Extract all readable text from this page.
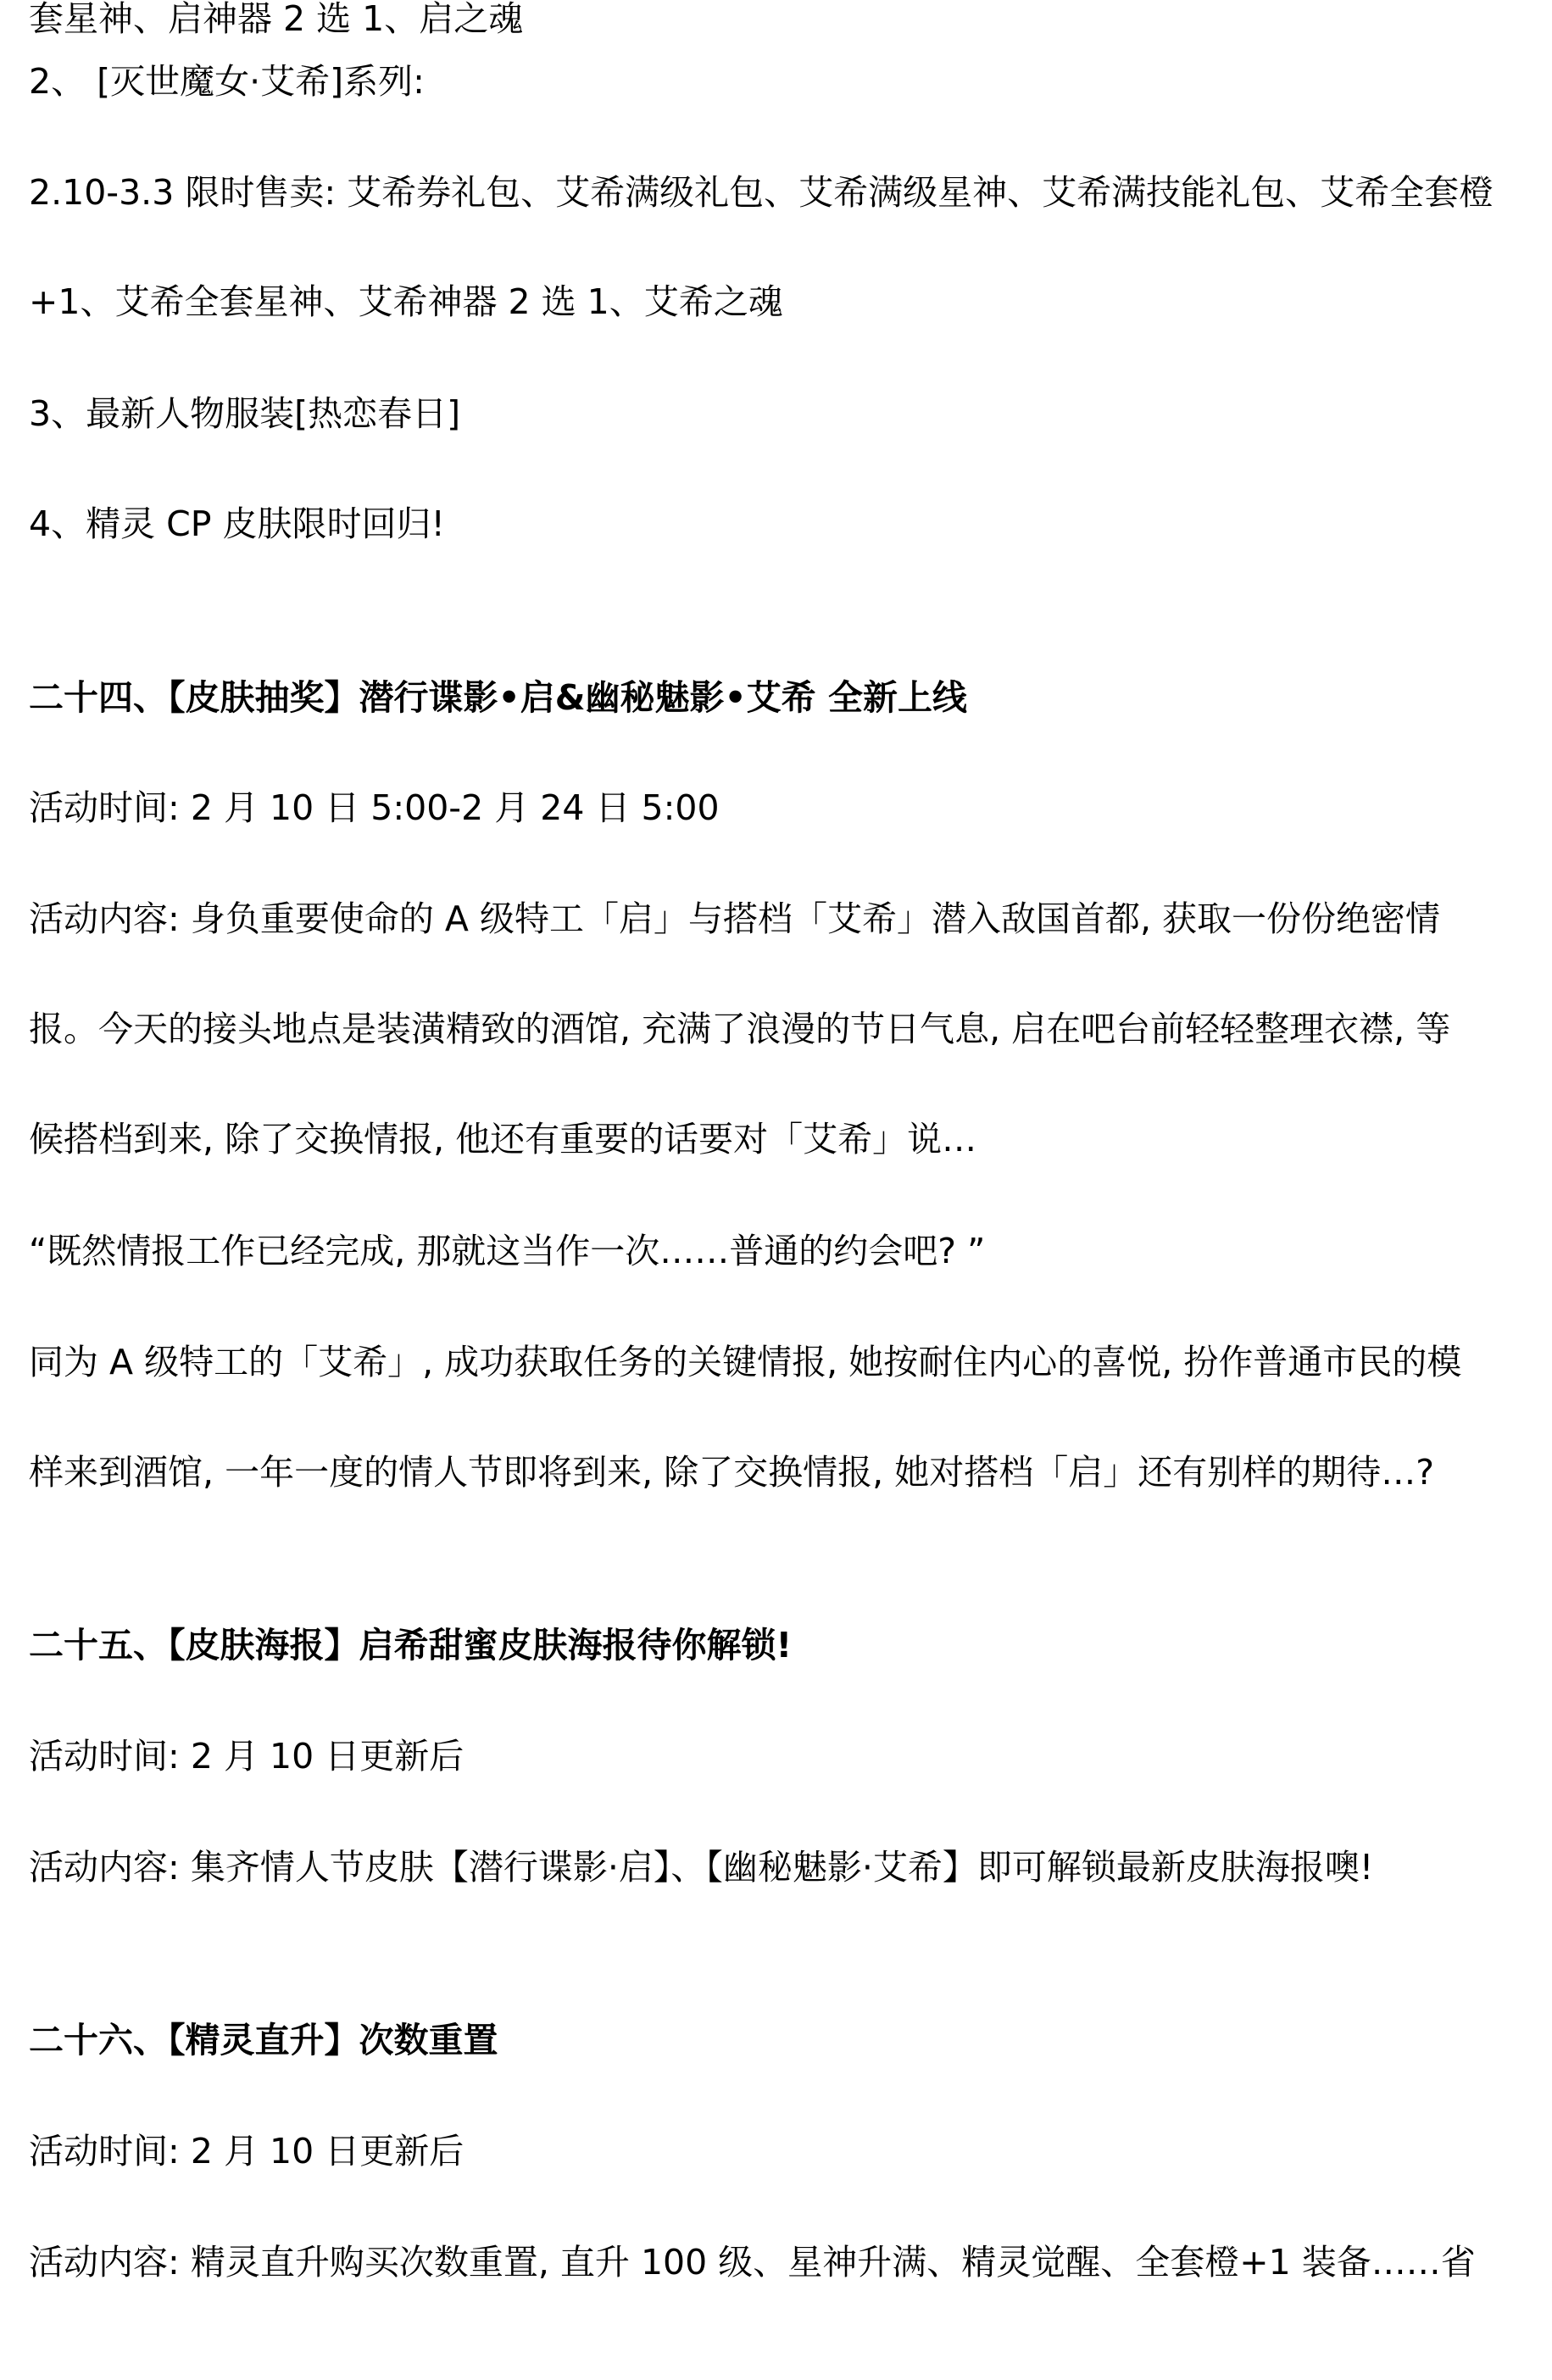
套星神、启神器 2 选 1、启之魂
2、 [灭世魔女·艾希]系列:
2.10-3.3 限时售卖: 艾希券礼包、艾希满级礼包、艾希满级星神、艾希满技能礼包、艾希全套橙
+1、艾希全套星神、艾希神器 2 选 1、艾希之魂
3、最新人物服装[热恋春日]
4、精灵 CP 皮肤限时回归!
二十四、【皮肤抽奖】潜行谍影•启&幽秘魅影•艾希 全新上线
活动时间: 2 月 10 日 5:00-2 月 24 日 5:00
活动内容: 身负重要使命的 A 级特工「启」与搭档「艾希」潜入敌国首都, 获取一份份绝密情
报。今天的接头地点是装潢精致的酒馆, 充满了浪漫的节日气息, 启在吧台前轻轻整理衣襟, 等
候搭档到来, 除了交换情报, 他还有重要的话要对「艾希」说…
“既然情报工作已经完成, 那就这当作一次……普通的约会吧? ”
同为 A 级特工的「艾希」, 成功获取任务的关键情报, 她按耐住内心的喜悦, 扮作普通市民的模
样来到酒馆, 一年一度的情人节即将到来, 除了交换情报, 她对搭档「启」还有别样的期待…?
二十五、【皮肤海报】启希甜蜜皮肤海报待你解锁!
活动时间: 2 月 10 日更新后
活动内容: 集齐情人节皮肤【潜行谍影·启】、【幽秘魅影·艾希】即可解锁最新皮肤海报噢!
二十六、【精灵直升】次数重置
活动时间: 2 月 10 日更新后
活动内容: 精灵直升购买次数重置, 直升 100 级、星神升满、精灵觉醒、全套橙+1 装备……省
